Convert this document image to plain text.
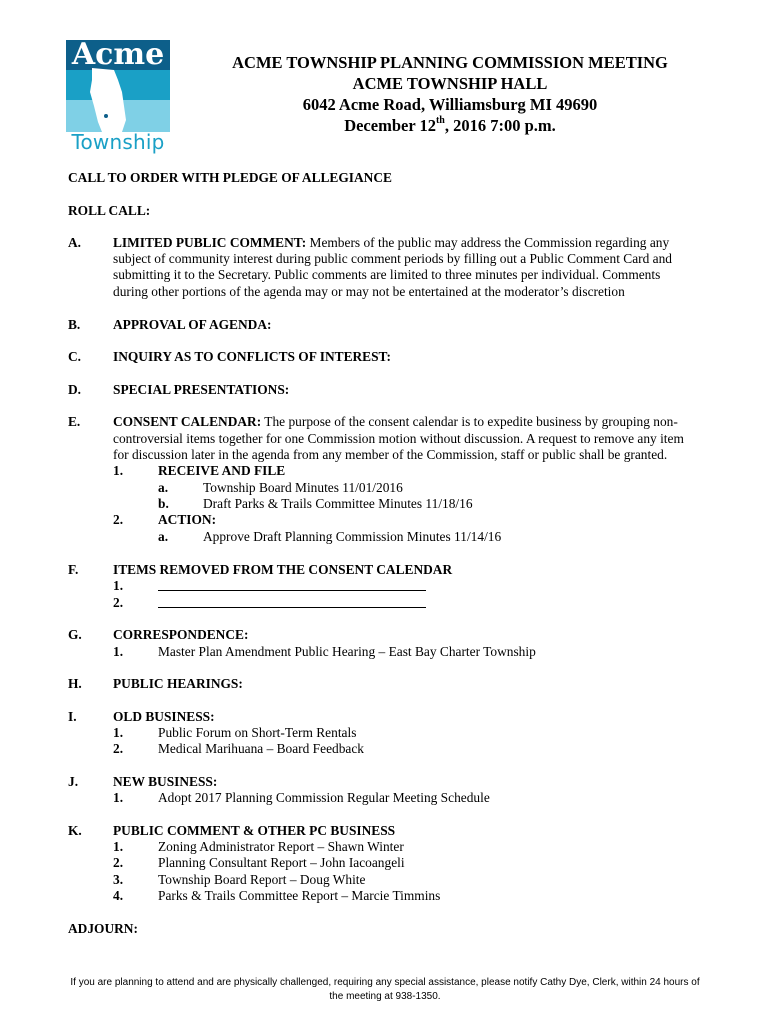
Acme
Township
ACME TOWNSHIP PLANNING COMMISSION MEETING
ACME TOWNSHIP HALL
6042 Acme Road, Williamsburg MI 49690
December 12th, 2016 7:00 p.m.
CALL TO ORDER WITH PLEDGE OF ALLEGIANCE
ROLL CALL:
A. LIMITED PUBLIC COMMENT: Members of the public may address the Commission regarding any
subject of community interest during public comment periods by filling out a Public Comment Card and
submitting it to the Secretary. Public comments are limited to three minutes per individual. Comments
during other portions of the agenda may or may not be entertained at the moderator’s discretion
B. APPROVAL OF AGENDA:
C. INQUIRY AS TO CONFLICTS OF INTEREST:
D. SPECIAL PRESENTATIONS:
E. CONSENT CALENDAR: The purpose of the consent calendar is to expedite business by grouping non-
controversial items together for one Commission motion without discussion. A request to remove any item
for discussion later in the agenda from any member of the Commission, staff or public shall be granted.
1.	RECEIVE AND FILE
a.	Township Board Minutes 11/01/2016
b.	Draft Parks & Trails Committee Minutes 11/18/16
2.	ACTION:
a.	Approve Draft Planning Commission Minutes 11/14/16
F.	ITEMS REMOVED FROM THE CONSENT CALENDAR
1.
2.
G. CORRESPONDENCE:
1.	Master Plan Amendment Public Hearing – East Bay Charter Township
H. PUBLIC HEARINGS:
I.	OLD BUSINESS:
1.	Public Forum on Short-Term Rentals
2.	Medical Marihuana – Board Feedback
J.	NEW BUSINESS:
1.	Adopt 2017 Planning Commission Regular Meeting Schedule
K. PUBLIC COMMENT & OTHER PC BUSINESS
1.	Zoning Administrator Report – Shawn Winter
2.	Planning Consultant Report – John Iacoangeli
3.	Township Board Report – Doug White
4.	Parks & Trails Committee Report – Marcie Timmins
ADJOURN:
If you are planning to attend and are physically challenged, requiring any special assistance, please notify Cathy Dye, Clerk, within 24 hours of
the meeting at 938-1350.
